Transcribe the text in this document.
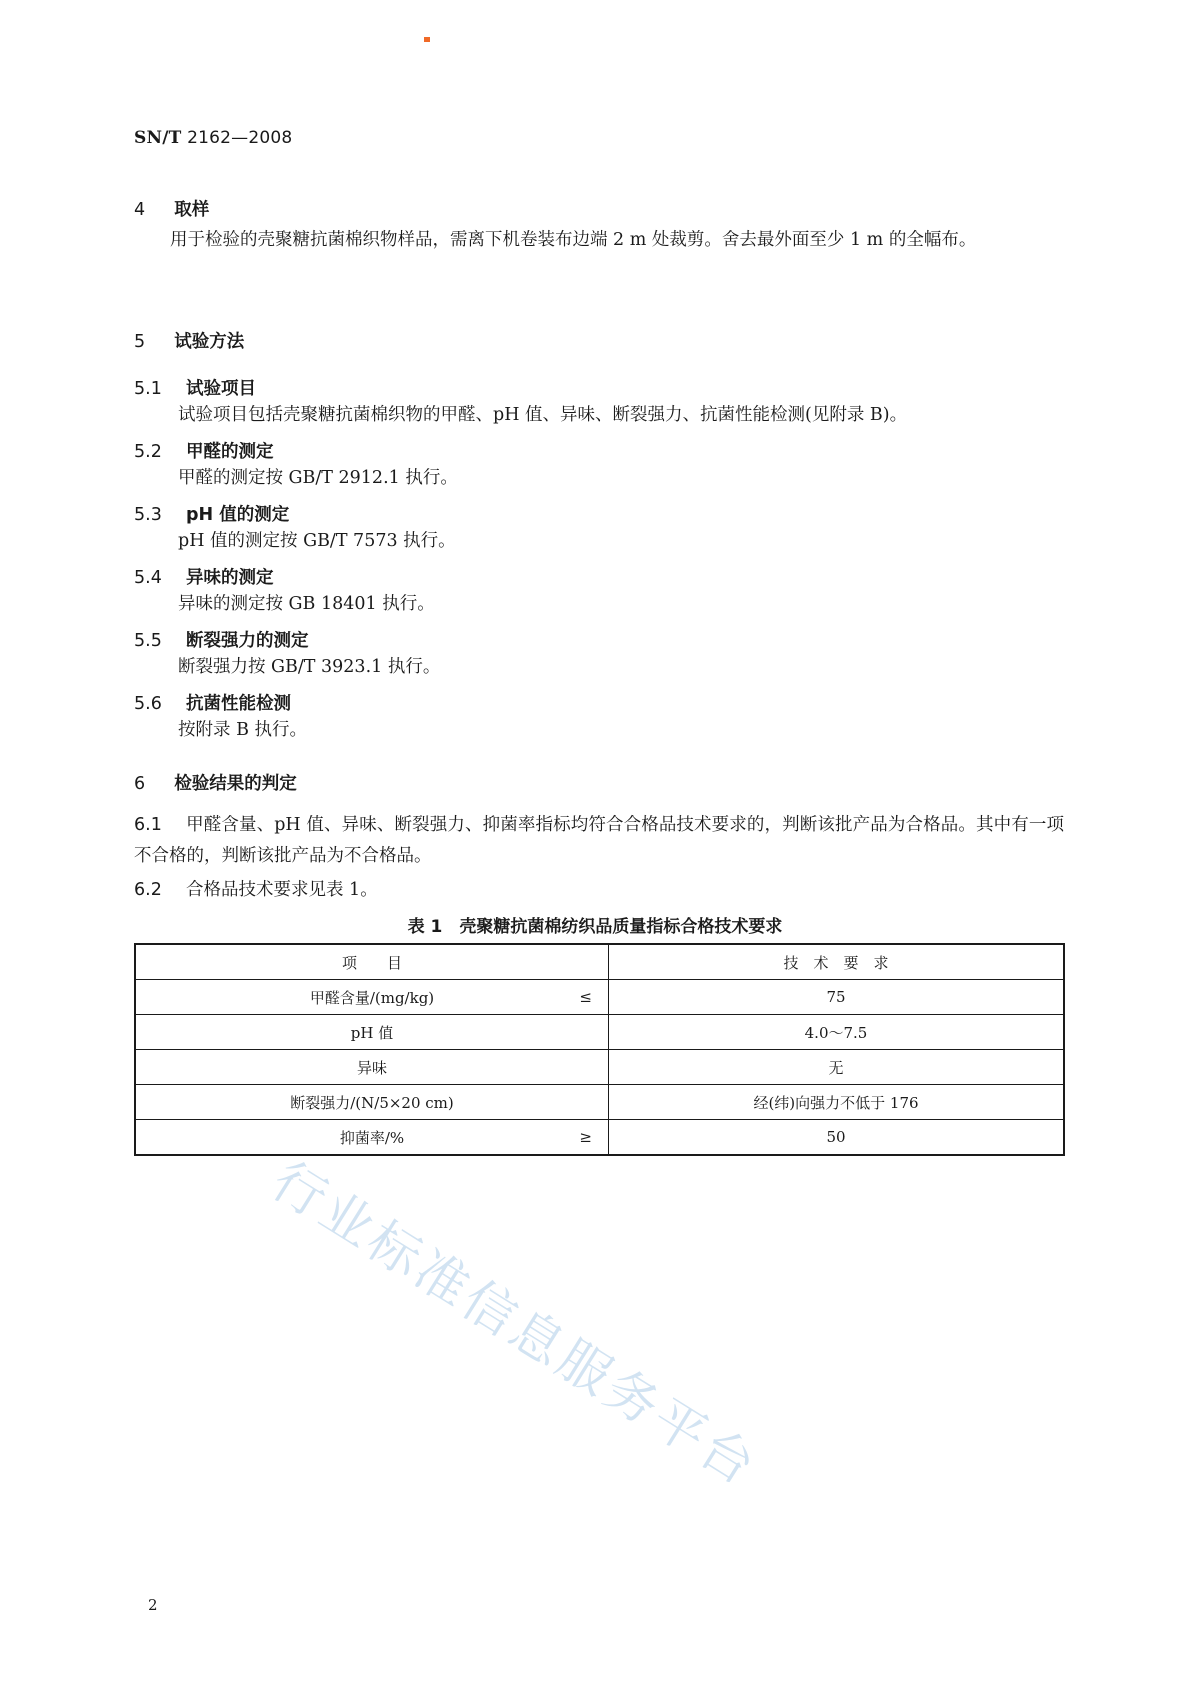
SN/T 2162—2008
4 取样
用于检验的壳聚糖抗菌棉织物样品，需离下机卷装布边端 2 m 处裁剪。舍去最外面至少 1 m 的全幅布。
5 试验方法
5.1 试验项目
试验项目包括壳聚糖抗菌棉织物的甲醛、pH 值、异味、断裂强力、抗菌性能检测(见附录 B)。
5.2 甲醛的测定
甲醛的测定按 GB/T 2912.1 执行。
5.3 pH 值的测定
pH 值的测定按 GB/T 7573 执行。
5.4 异味的测定
异味的测定按 GB 18401 执行。
5.5 断裂强力的测定
断裂强力按 GB/T 3923.1 执行。
5.6 抗菌性能检测
按附录 B 执行。
6 检验结果的判定
6.1 甲醛含量、pH 值、异味、断裂强力、抑菌率指标均符合合格品技术要求的，判断该批产品为合格品。其中有一项不合格的，判断该批产品为不合格品。
6.2 合格品技术要求见表 1。
表 1　壳聚糖抗菌棉纺织品质量指标合格技术要求
项　　目	技　术　要　求
甲醛含量/(mg/kg) ≤	75
pH 值	4.0～7.5
异味	无
断裂强力/(N/5×20 cm)	经(纬)向强力不低于 176
抑菌率/% ≥	50
行业标准信息服务平台
2
